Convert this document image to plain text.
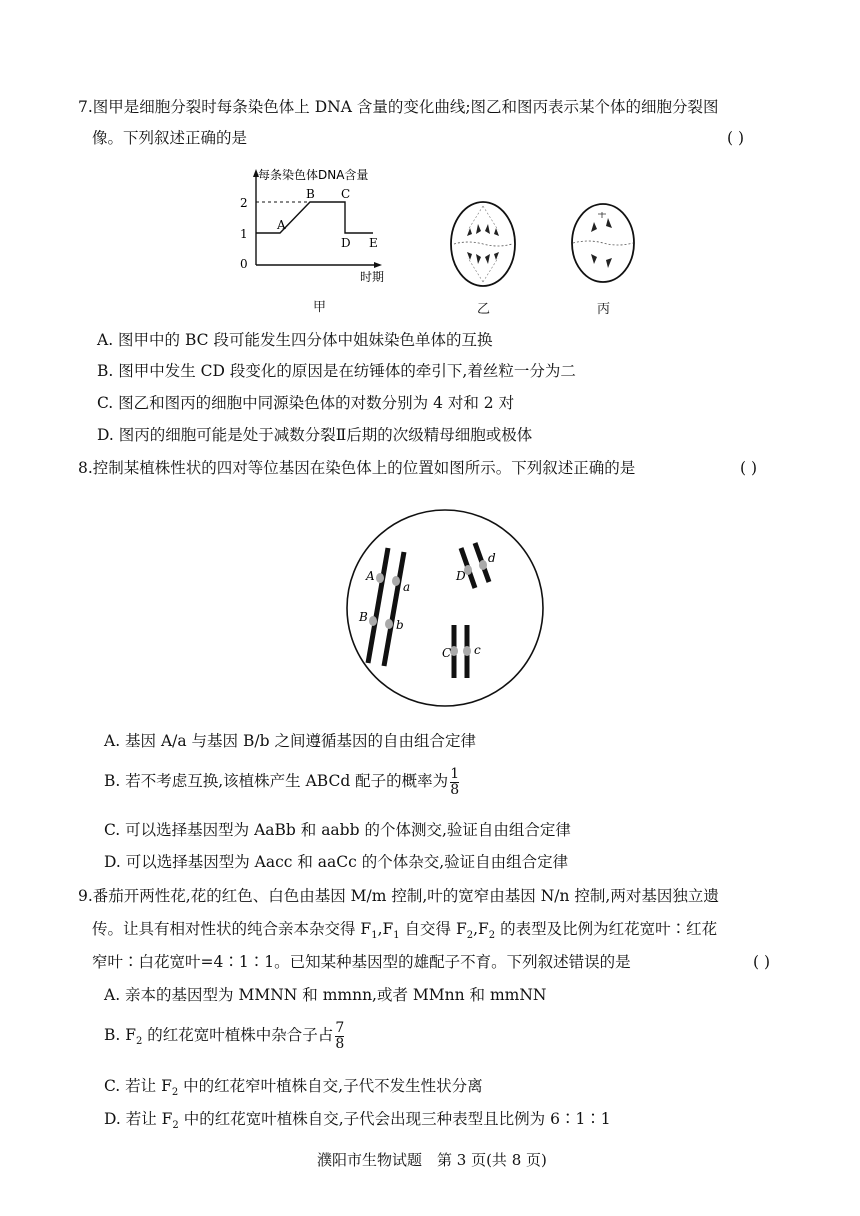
7.图甲是细胞分裂时每条染色体上 DNA 含量的变化曲线;图乙和图丙表示某个体的细胞分裂图
像。下列叙述正确的是	( )
每条染色体DNA含量
2
1
0
A
B C
D E
时期
甲	乙	丙
A. 图甲中的 BC 段可能发生四分体中姐妹染色单体的互换
B. 图甲中发生 CD 段变化的原因是在纺锤体的牵引下,着丝粒一分为二
C. 图乙和图丙的细胞中同源染色体的对数分别为 4 对和 2 对
D. 图丙的细胞可能是处于减数分裂Ⅱ后期的次级精母细胞或极体
8.控制某植株性状的四对等位基因在染色体上的位置如图所示。下列叙述正确的是	( )
A
a
B
b
D
d
C c
A. 基因 A/a 与基因 B/b 之间遵循基因的自由组合定律
B. 若不考虑互换,该植株产生 ABCd 配子的概率为 $\frac{1}{8}$
C. 可以选择基因型为 AaBb 和 aabb 的个体测交,验证自由组合定律
D. 可以选择基因型为 Aacc 和 aaCc 的个体杂交,验证自由组合定律
9.番茄开两性花,花的红色、白色由基因 M/m 控制,叶的宽窄由基因 N/n 控制,两对基因独立遗
传。让具有相对性状的纯合亲本杂交得 $F_1,F_1$ 自交得 $F_2,F_2$ 的表型及比例为红花宽叶∶红花
窄叶∶白花宽叶=4∶1∶1。已知某种基因型的雄配子不育。下列叙述错误的是	( )
A. 亲本的基因型为 MMNN 和 mmnn,或者 MMnn 和 mmNN
B. $F_2$ 的红花宽叶植株中杂合子占 $\frac{7}{8}$
C. 若让 $F_2$ 中的红花窄叶植株自交,子代不发生性状分离
D. 若让 $F_2$ 中的红花宽叶植株自交,子代会出现三种表型且比例为 6∶1∶1
濮阳市生物试题　第 3 页(共 8 页)
